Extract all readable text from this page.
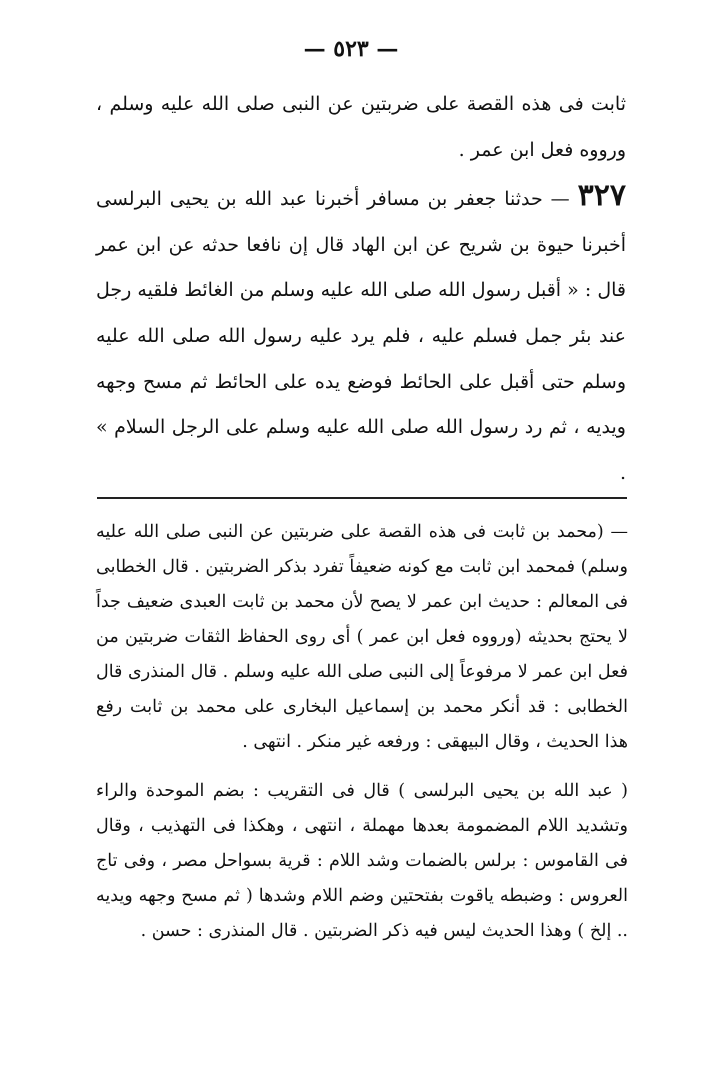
— ٥٢٣ —

ثابت فى هذه القصة على ضربتين عن النبى صلى الله عليه وسلم ، ورووه فعل ابن عمر .

٣٢٧— حدثنا جعفر بن مسافر أخبرنا عبد الله بن يحيى البرلسى أخبرنا حيوة بن شريح عن ابن الهاد قال إن نافعا حدثه عن ابن عمر قال : « أقبل رسول الله صلى الله عليه وسلم من الغائط فلقيه رجل عند بئر جمل فسلم عليه ، فلم يرد عليه رسول الله صلى الله عليه وسلم حتى أقبل على الحائط فوضع يده على الحائط ثم مسح وجهه ويديه ، ثم رد رسول الله صلى الله عليه وسلم على الرجل السلام » .

— (محمد بن ثابت فى هذه القصة على ضربتين عن النبى صلى الله عليه وسلم) فمحمد ابن ثابت مع كونه ضعيفاً تفرد بذكر الضربتين . قال الخطابى فى المعالم : حديث ابن عمر لا يصح لأن محمد بن ثابت العبدى ضعيف جداً لا يحتج بحديثه (ورووه فعل ابن عمر ) أى روى الحفاظ الثقات ضربتين من فعل ابن عمر لا مرفوعاً إلى النبى صلى الله عليه وسلم . قال المنذرى قال الخطابى : قد أنكر محمد بن إسماعيل البخارى على محمد بن ثابت رفع هذا الحديث ، وقال البيهقى : ورفعه غير منكر . انتهى .

( عبد الله بن يحيى البرلسى ) قال فى التقريب : بضم الموحدة والراء وتشديد اللام المضمومة بعدها مهملة ، انتهى ، وهكذا فى التهذيب ، وقال فى القاموس : برلس بالضمات وشد اللام : قرية بسواحل مصر ، وفى تاج العروس : وضبطه ياقوت بفتحتين وضم اللام وشدها ( ثم مسح وجهه ويديه .. إلخ ) وهذا الحديث ليس فيه ذكر الضربتين . قال المنذرى : حسن .
